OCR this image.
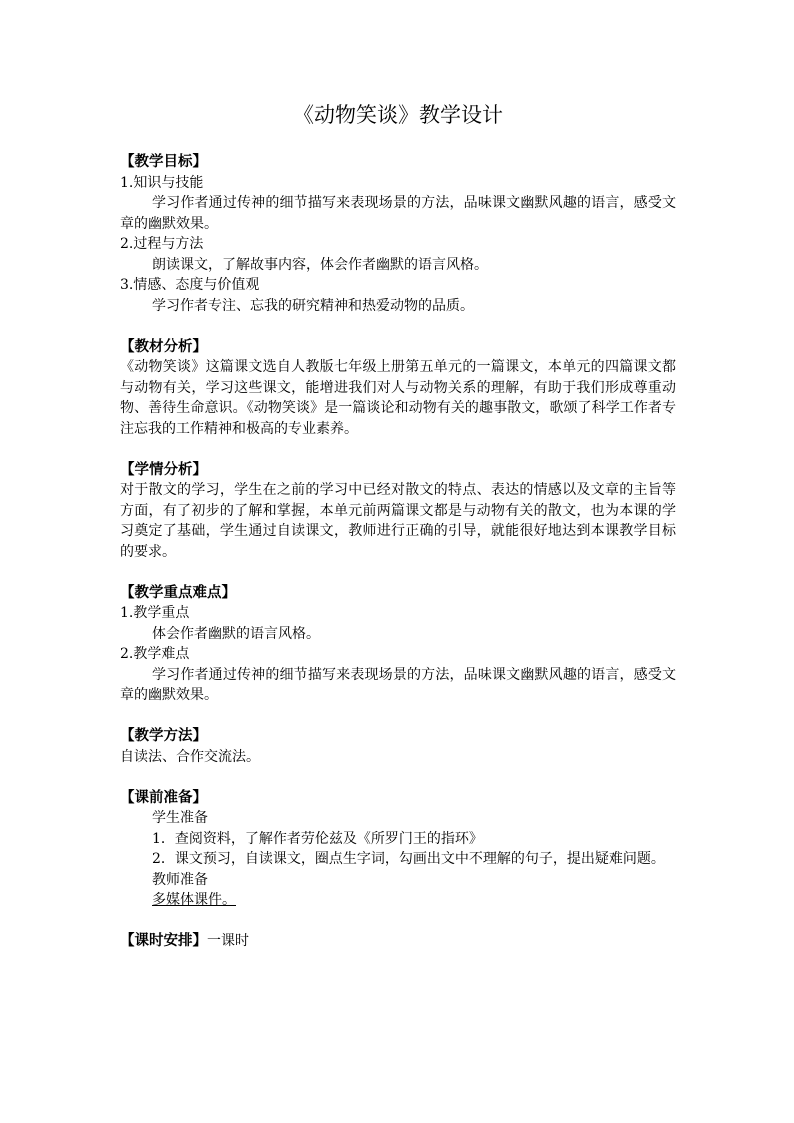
《动物笑谈》教学设计
【教学目标】
1.知识与技能
学习作者通过传神的细节描写来表现场景的方法，品味课文幽默风趣的语言，感受文章的幽默效果。
2.过程与方法
朗读课文，了解故事内容，体会作者幽默的语言风格。
3.情感、态度与价值观
学习作者专注、忘我的研究精神和热爱动物的品质。
【教材分析】
《动物笑谈》这篇课文选自人教版七年级上册第五单元的一篇课文，本单元的四篇课文都与动物有关，学习这些课文，能增进我们对人与动物关系的理解，有助于我们形成尊重动物、善待生命意识。《动物笑谈》是一篇谈论和动物有关的趣事散文，歌颂了科学工作者专注忘我的工作精神和极高的专业素养。
【学情分析】
对于散文的学习，学生在之前的学习中已经对散文的特点、表达的情感以及文章的主旨等方面，有了初步的了解和掌握，本单元前两篇课文都是与动物有关的散文，也为本课的学习奠定了基础，学生通过自读课文，教师进行正确的引导，就能很好地达到本课教学目标的要求。
【教学重点难点】
1.教学重点
体会作者幽默的语言风格。
2.教学难点
学习作者通过传神的细节描写来表现场景的方法，品味课文幽默风趣的语言，感受文章的幽默效果。
【教学方法】
自读法、合作交流法。
【课前准备】
学生准备
1．查阅资料，了解作者劳伦兹及《所罗门王的指环》
2．课文预习，自读课文，圈点生字词，勾画出文中不理解的句子，提出疑难问题。
教师准备
多媒体课件。
【课时安排】一课时
